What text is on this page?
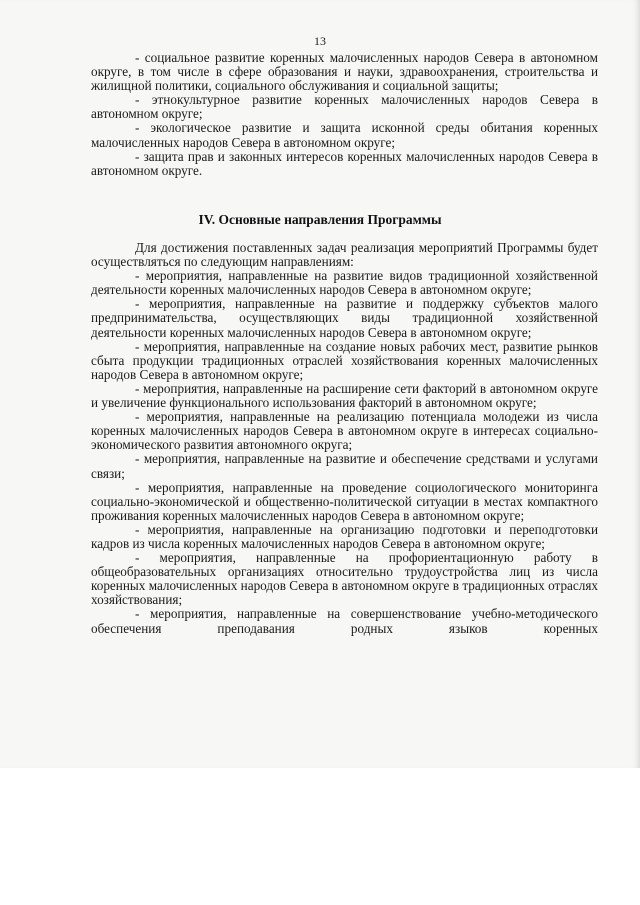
13

- социальное развитие коренных малочисленных народов Севера в автономном округе, в том числе в сфере образования и науки, здравоохранения, строительства и жилищной политики, социального обслуживания и социальной защиты;

- этнокультурное развитие коренных малочисленных народов Севера в автономном округе;

- экологическое развитие и защита исконной среды обитания коренных малочисленных народов Севера в автономном округе;

- защита прав и законных интересов коренных малочисленных народов Севера в автономном округе.

IV. Основные направления Программы

Для достижения поставленных задач реализация мероприятий Программы будет осуществляться по следующим направлениям:

- мероприятия, направленные на развитие видов традиционной хозяйственной деятельности коренных малочисленных народов Севера в автономном округе;

- мероприятия, направленные на развитие и поддержку субъектов малого предпринимательства, осуществляющих виды традиционной хозяйственной деятельности коренных малочисленных народов Севера в автономном округе;

- мероприятия, направленные на создание новых рабочих мест, развитие рынков сбыта продукции традиционных отраслей хозяйствования коренных малочисленных народов Севера в автономном округе;

- мероприятия, направленные на расширение сети факторий в автономном округе и увеличение функционального использования факторий в автономном округе;

- мероприятия, направленные на реализацию потенциала молодежи из числа коренных малочисленных народов Севера в автономном округе в интересах социально-экономического развития автономного округа;

- мероприятия, направленные на развитие и обеспечение средствами и услугами связи;

- мероприятия, направленные на проведение социологического мониторинга социально-экономической и общественно-политической ситуации в местах компактного проживания коренных малочисленных народов Севера в автономном округе;

- мероприятия, направленные на организацию подготовки и переподготовки кадров из числа коренных малочисленных народов Севера в автономном округе;

- мероприятия, направленные на профориентационную работу в общеобразовательных организациях относительно трудоустройства лиц из числа коренных малочисленных народов Севера в автономном округе в традиционных отраслях хозяйствования;

- мероприятия, направленные на совершенствование учебно-методического обеспечения преподавания родных языков коренных
